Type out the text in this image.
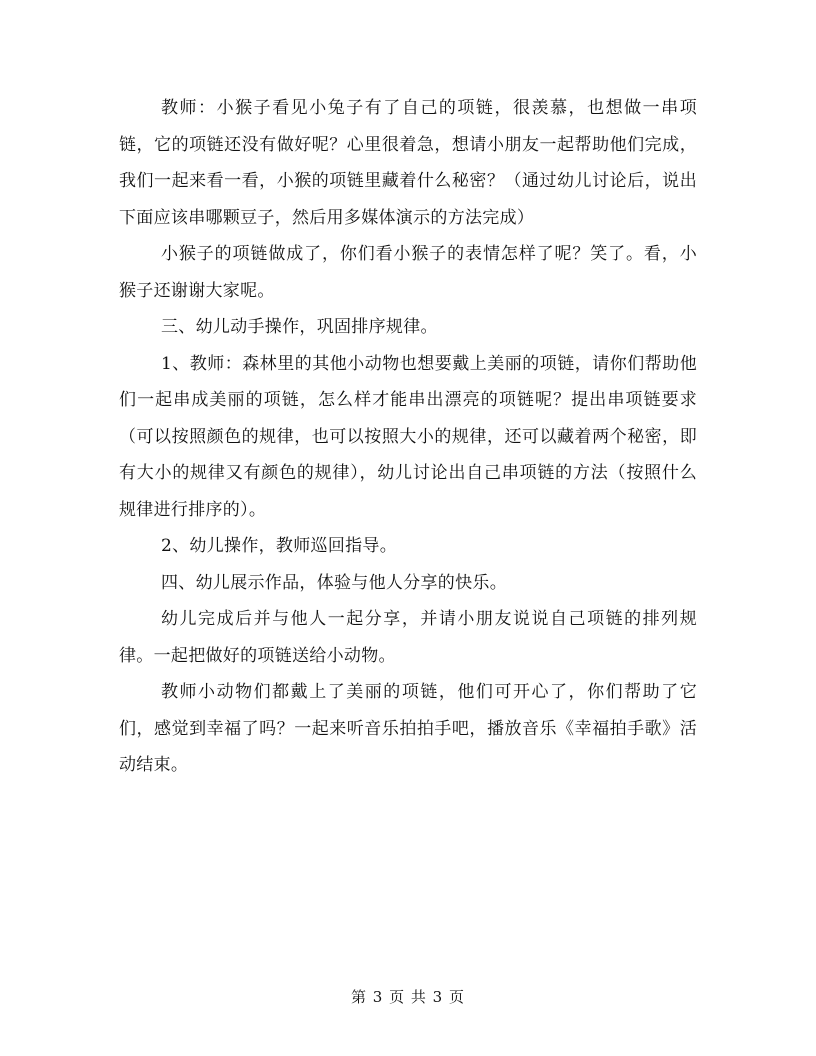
教师：小猴子看见小兔子有了自己的项链，很羡慕，也想做一串项链，它的项链还没有做好呢？心里很着急，想请小朋友一起帮助他们完成，我们一起来看一看，小猴的项链里藏着什么秘密？（通过幼儿讨论后，说出下面应该串哪颗豆子，然后用多媒体演示的方法完成）

小猴子的项链做成了，你们看小猴子的表情怎样了呢？笑了。看，小猴子还谢谢大家呢。

三、幼儿动手操作，巩固排序规律。

1、教师：森林里的其他小动物也想要戴上美丽的项链，请你们帮助他们一起串成美丽的项链，怎么样才能串出漂亮的项链呢？提出串项链要求（可以按照颜色的规律，也可以按照大小的规律，还可以藏着两个秘密，即有大小的规律又有颜色的规律），幼儿讨论出自己串项链的方法（按照什么规律进行排序的）。

2、幼儿操作，教师巡回指导。

四、幼儿展示作品，体验与他人分享的快乐。

幼儿完成后并与他人一起分享，并请小朋友说说自己项链的排列规律。一起把做好的项链送给小动物。

教师小动物们都戴上了美丽的项链，他们可开心了，你们帮助了它们，感觉到幸福了吗？一起来听音乐拍拍手吧，播放音乐《幸福拍手歌》活动结束。

第 3 页 共 3 页
